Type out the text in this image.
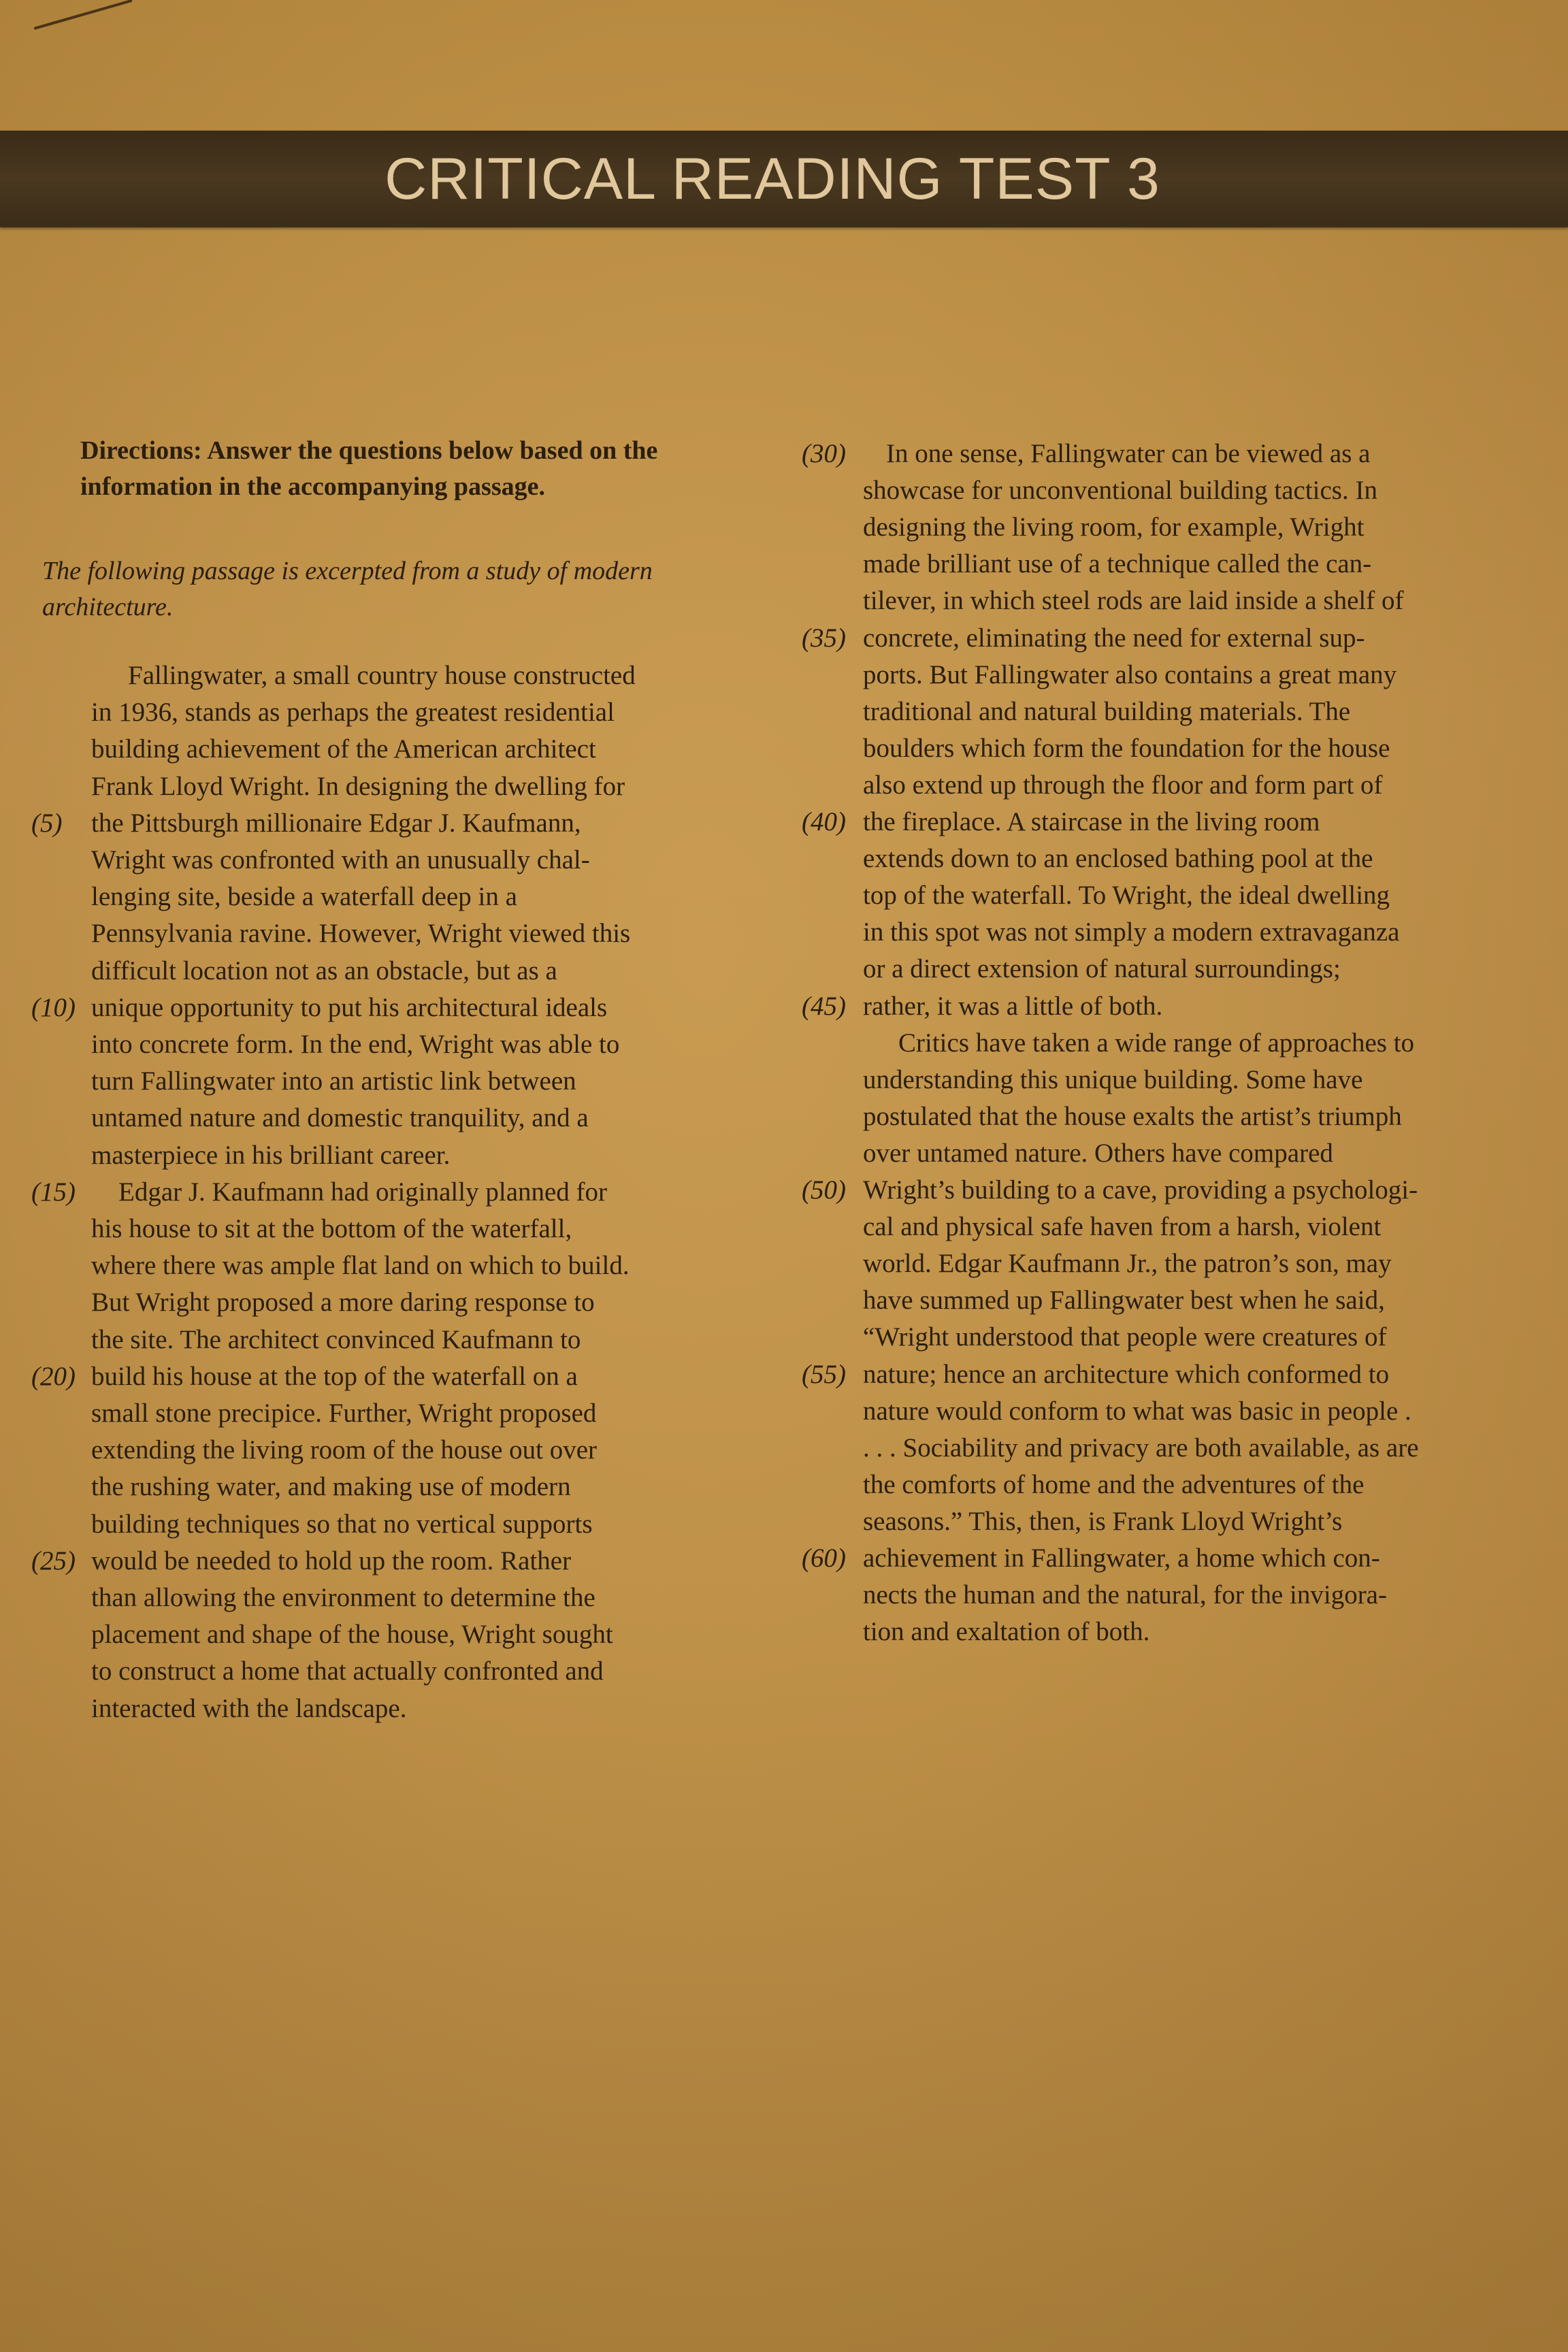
CRITICAL READING TEST 3
Directions: Answer the questions below based on the information in the accompanying passage.
The following passage is excerpted from a study of modern architecture.
Fallingwater, a small country house constructed
in 1936, stands as perhaps the greatest residential
building achievement of the American architect
Frank Lloyd Wright. In designing the dwelling for
(5) the Pittsburgh millionaire Edgar J. Kaufmann,
Wright was confronted with an unusually chal-
lenging site, beside a waterfall deep in a
Pennsylvania ravine. However, Wright viewed this
difficult location not as an obstacle, but as a
(10) unique opportunity to put his architectural ideals
into concrete form. In the end, Wright was able to
turn Fallingwater into an artistic link between
untamed nature and domestic tranquility, and a
masterpiece in his brilliant career.
(15) Edgar J. Kaufmann had originally planned for
his house to sit at the bottom of the waterfall,
where there was ample flat land on which to build.
But Wright proposed a more daring response to
the site. The architect convinced Kaufmann to
(20) build his house at the top of the waterfall on a
small stone precipice. Further, Wright proposed
extending the living room of the house out over
the rushing water, and making use of modern
building techniques so that no vertical supports
(25) would be needed to hold up the room. Rather
than allowing the environment to determine the
placement and shape of the house, Wright sought
to construct a home that actually confronted and
interacted with the landscape.
(30) In one sense, Fallingwater can be viewed as a
showcase for unconventional building tactics. In
designing the living room, for example, Wright
made brilliant use of a technique called the can-
tilever, in which steel rods are laid inside a shelf of
(35) concrete, eliminating the need for external sup-
ports. But Fallingwater also contains a great many
traditional and natural building materials. The
boulders which form the foundation for the house
also extend up through the floor and form part of
(40) the fireplace. A staircase in the living room
extends down to an enclosed bathing pool at the
top of the waterfall. To Wright, the ideal dwelling
in this spot was not simply a modern extravaganza
or a direct extension of natural surroundings;
(45) rather, it was a little of both.
Critics have taken a wide range of approaches to
understanding this unique building. Some have
postulated that the house exalts the artist’s triumph
over untamed nature. Others have compared
(50) Wright’s building to a cave, providing a psychologi-
cal and physical safe haven from a harsh, violent
world. Edgar Kaufmann Jr., the patron’s son, may
have summed up Fallingwater best when he said,
“Wright understood that people were creatures of
(55) nature; hence an architecture which conformed to
nature would conform to what was basic in people .
. . . Sociability and privacy are both available, as are
the comforts of home and the adventures of the
seasons.” This, then, is Frank Lloyd Wright’s
(60) achievement in Fallingwater, a home which con-
nects the human and the natural, for the invigora-
tion and exaltation of both.
